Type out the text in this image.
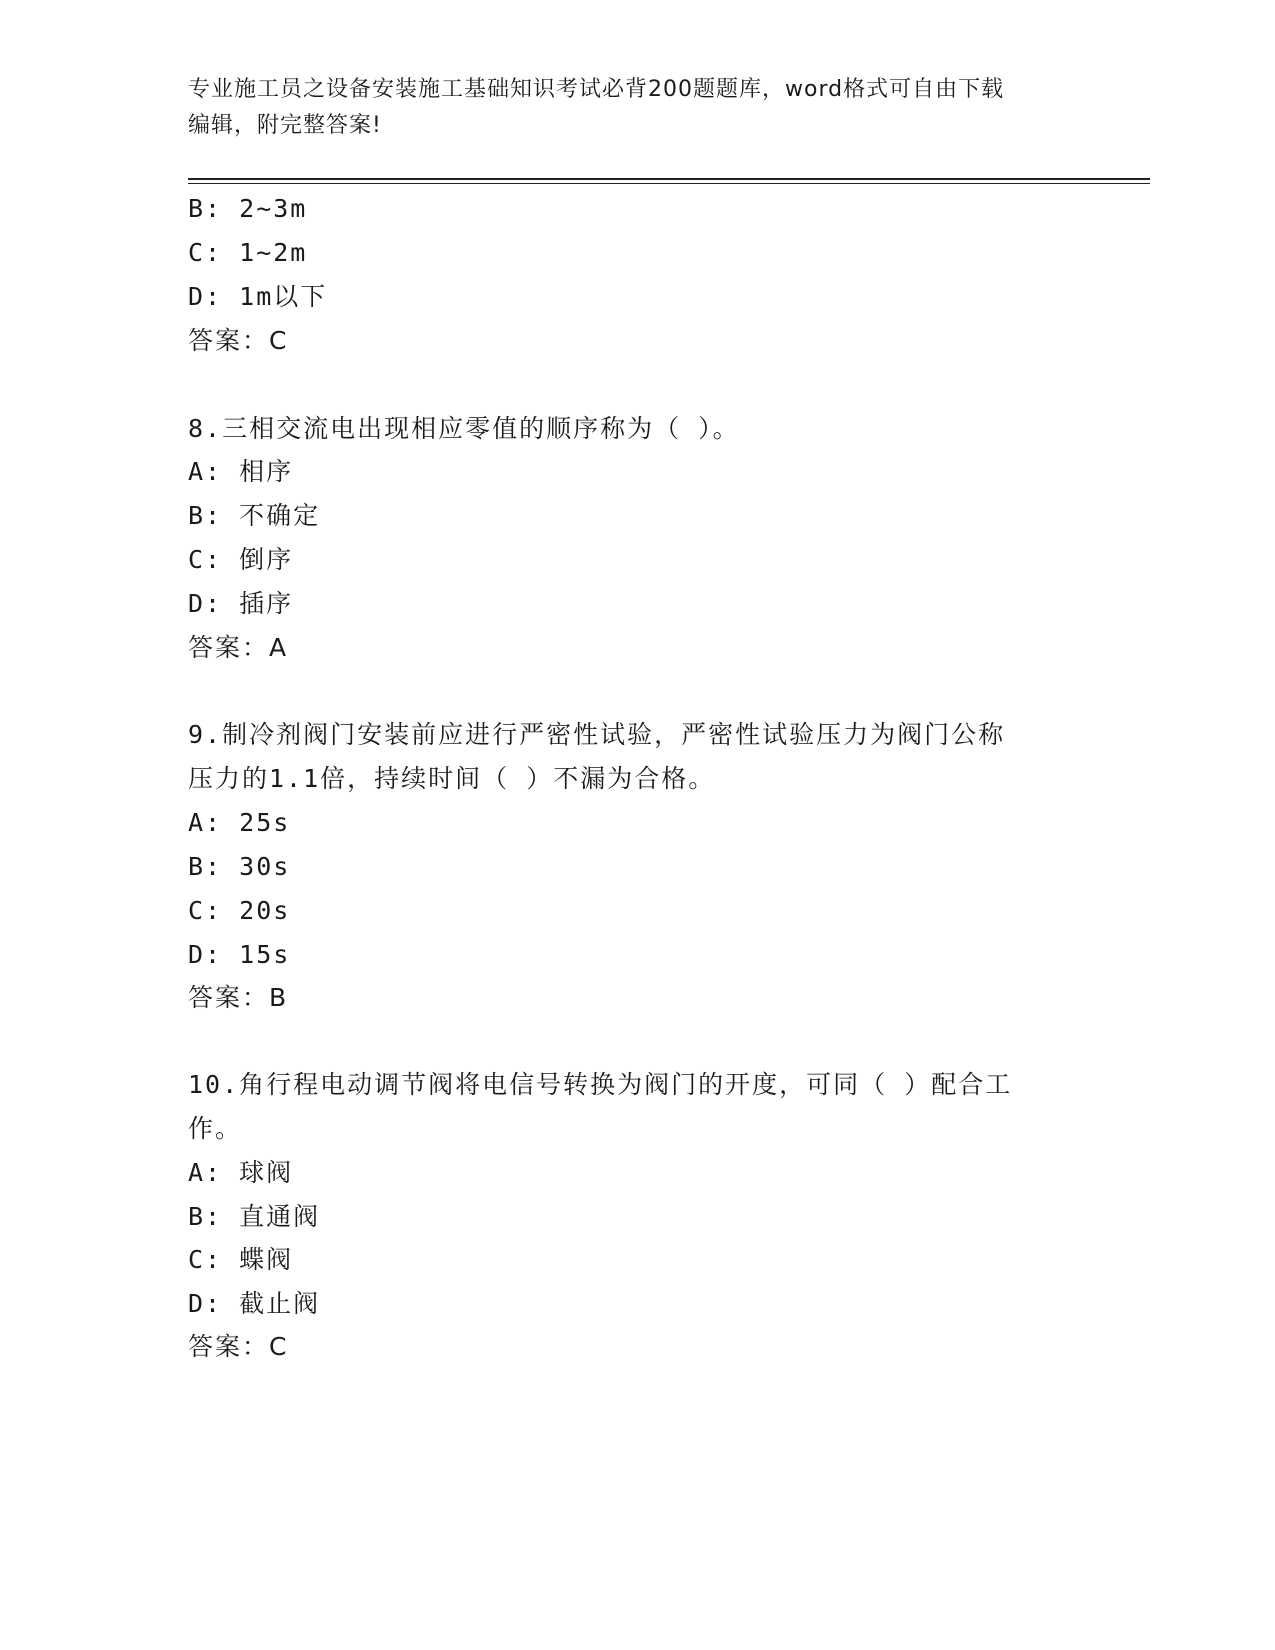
专业施工员之设备安装施工基础知识考试必背200题题库，word格式可自由下载
编辑，附完整答案!
B: 2~3m
C: 1~2m
D: 1m以下
答案：C
8.三相交流电出现相应零值的顺序称为（ ）。
A: 相序
B: 不确定
C: 倒序
D: 插序
答案：A
9.制冷剂阀门安装前应进行严密性试验，严密性试验压力为阀门公称
压力的1.1倍，持续时间（ ）不漏为合格。
A: 25s
B: 30s
C: 20s
D: 15s
答案：B
10.角行程电动调节阀将电信号转换为阀门的开度，可同（ ）配合工
作。
A: 球阀
B: 直通阀
C: 蝶阀
D: 截止阀
答案：C
